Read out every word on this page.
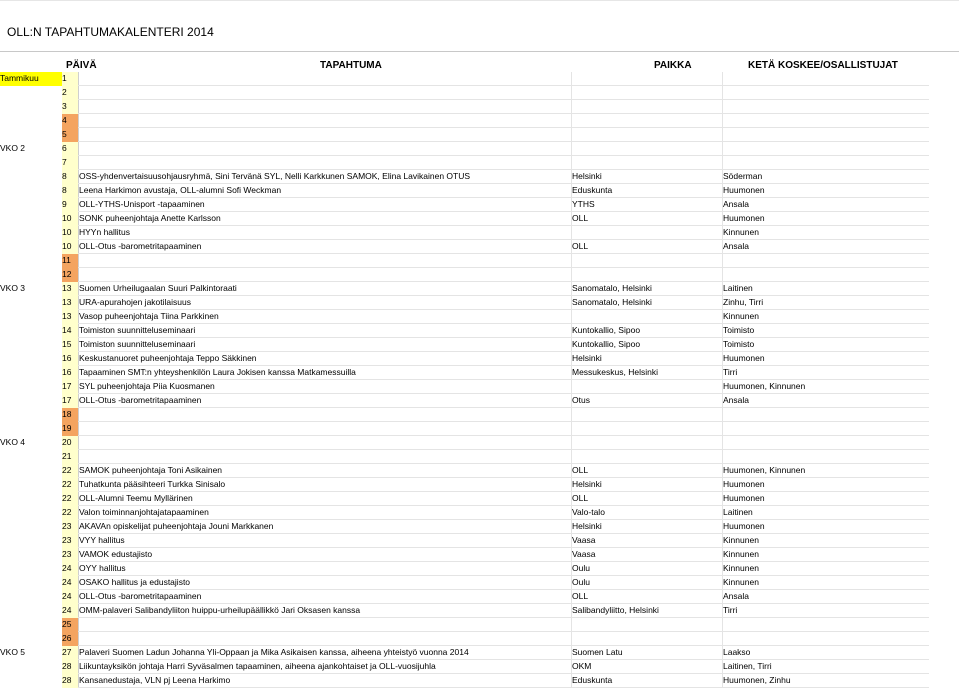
OLL:N TAPAHTUMAKALENTERI 2014
PÄIVÄ	TAPAHTUMA	PAIKKA	KETÄ KOSKEE/OSALLISTUJAT
Tammikuu	1			
	2			
	3			
	4			
	5			
VKO 2	6			
	7			
	8	OSS-yhdenvertaisuusohjausryhmä, Sini Tervänä SYL, Nelli Karkkunen SAMOK, Elina Lavikainen OTUS	Helsinki	Söderman
	8	Leena Harkimon avustaja, OLL-alumni Sofi Weckman	Eduskunta	Huumonen
	9	OLL-YTHS-Unisport -tapaaminen	YTHS	Ansala
	10	SONK puheenjohtaja Anette Karlsson	OLL	Huumonen
	10	HYYn hallitus		Kinnunen
	10	OLL-Otus -barometritapaaminen	OLL	Ansala
	11			
	12			
VKO 3	13	Suomen Urheilugaalan Suuri Palkintoraati	Sanomatalo, Helsinki	Laitinen
	13	URA-apurahojen jakotilaisuus	Sanomatalo, Helsinki	Zinhu, Tirri
	13	Vasop puheenjohtaja Tiina Parkkinen		Kinnunen
	14	Toimiston suunnitteluseminaari	Kuntokallio, Sipoo	Toimisto
	15	Toimiston suunnitteluseminaari	Kuntokallio, Sipoo	Toimisto
	16	Keskustanuoret puheenjohtaja Teppo Säkkinen	Helsinki	Huumonen
	16	Tapaaminen SMT:n yhteyshenkilön Laura Jokisen kanssa Matkamessuilla	Messukeskus, Helsinki	Tirri
	17	SYL puheenjohtaja Piia Kuosmanen		Huumonen, Kinnunen
	17	OLL-Otus -barometritapaaminen	Otus	Ansala
	18			
	19			
VKO 4	20			
	21			
	22	SAMOK puheenjohtaja Toni Asikainen	OLL	Huumonen, Kinnunen
	22	Tuhatkunta pääsihteeri Turkka Sinisalo	Helsinki	Huumonen
	22	OLL-Alumni Teemu Myllärinen	OLL	Huumonen
	22	Valon toiminnanjohtajatapaaminen	Valo-talo	Laitinen
	23	AKAVAn opiskelijat puheenjohtaja Jouni Markkanen	Helsinki	Huumonen
	23	VYY hallitus	Vaasa	Kinnunen
	23	VAMOK edustajisto	Vaasa	Kinnunen
	24	OYY hallitus	Oulu	Kinnunen
	24	OSAKO hallitus ja edustajisto	Oulu	Kinnunen
	24	OLL-Otus -barometritapaaminen	OLL	Ansala
	24	OMM-palaveri Salibandyliiton huippu-urheilupäällikkö Jari Oksasen kanssa	Salibandyliitto, Helsinki	Tirri
	25			
	26			
VKO 5	27	Palaveri Suomen Ladun Johanna Yli-Oppaan ja Mika Asikaisen kanssa, aiheena yhteistyö vuonna 2014	Suomen Latu	Laakso
	28	Liikuntayksikön johtaja Harri Syväsalmen tapaaminen, aiheena ajankohtaiset ja OLL-vuosijuhla	OKM	Laitinen, Tirri
	28	Kansanedustaja, VLN pj Leena Harkimo	Eduskunta	Huumonen, Zinhu
